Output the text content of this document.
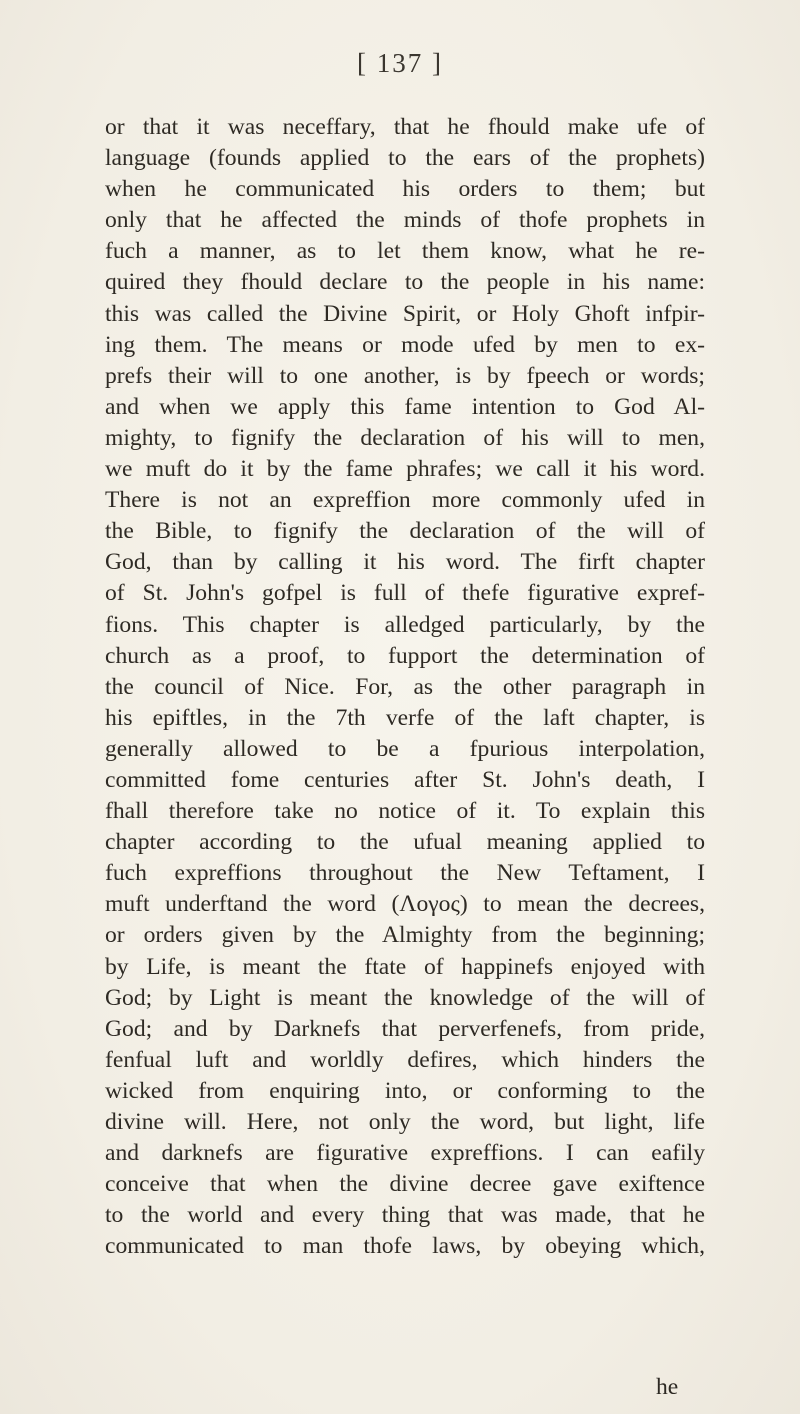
[ 137 ]
or that it was neceffary, that he fhould make ufe of
language (founds applied to the ears of the prophets)
when he communicated his orders to them; but
only that he affected the minds of thofe prophets in
fuch a manner, as to let them know, what he re-
quired they fhould declare to the people in his name:
this was called the Divine Spirit, or Holy Ghoft infpir-
ing them. The means or mode ufed by men to ex-
prefs their will to one another, is by fpeech or words;
and when we apply this fame intention to God Al-
mighty, to fignify the declaration of his will to men,
we muft do it by the fame phrafes; we call it his word.
There is not an expreffion more commonly ufed in
the Bible, to fignify the declaration of the will of
God, than by calling it his word. The firft chapter
of St. John's gofpel is full of thefe figurative expref-
fions. This chapter is alledged particularly, by the
church as a proof, to fupport the determination of
the council of Nice. For, as the other paragraph in
his epiftles, in the 7th verfe of the laft chapter, is
generally allowed to be a fpurious interpolation,
committed fome centuries after St. John's death, I
fhall therefore take no notice of it. To explain this
chapter according to the ufual meaning applied to
fuch expreffions throughout the New Teftament, I
muft underftand the word (Λογος) to mean the decrees,
or orders given by the Almighty from the beginning;
by Life, is meant the ftate of happinefs enjoyed with
God; by Light is meant the knowledge of the will of
God; and by Darknefs that perverfenefs, from pride,
fenfual luft and worldly defires, which hinders the
wicked from enquiring into, or conforming to the
divine will. Here, not only the word, but light, life
and darknefs are figurative expreffions. I can eafily
conceive that when the divine decree gave exiftence
to the world and every thing that was made, that he
communicated to man thofe laws, by obeying which,
he
